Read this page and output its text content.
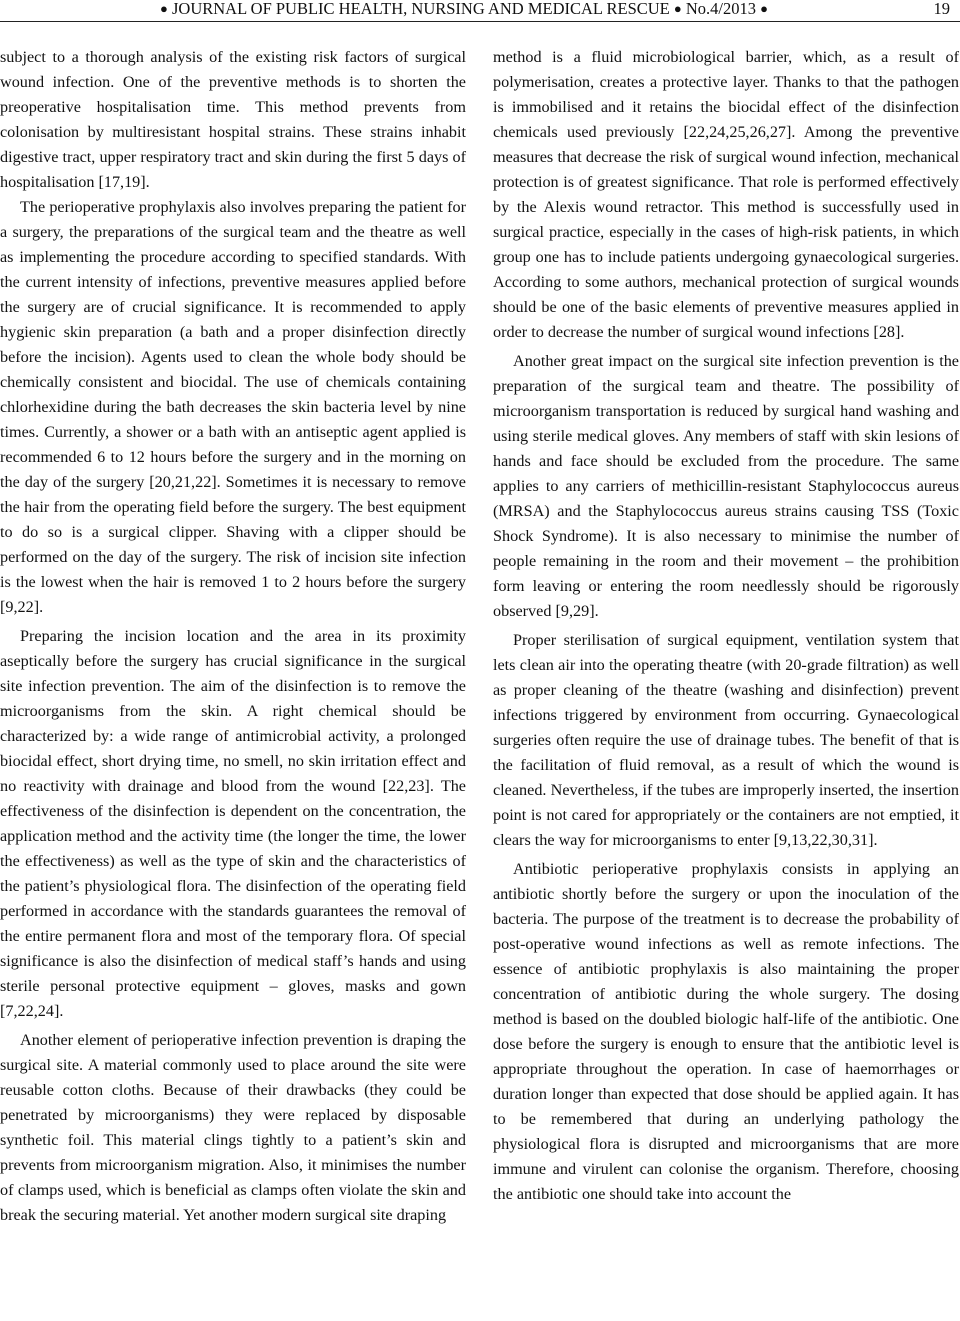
● JOURNAL OF PUBLIC HEALTH, NURSING AND MEDICAL RESCUE ● No.4/2013 ●	19

subject to a thorough analysis of the existing risk factors of surgical wound infection. One of the preventive methods is to shorten the preoperative hospitalisation time. This method prevents from colonisation by multiresistant hospital strains. These strains inhabit digestive tract, upper respiratory tract and skin during the first 5 days of hospitalisation [17,19].

The perioperative prophylaxis also involves preparing the patient for a surgery, the preparations of the surgical team and the theatre as well as implementing the procedure according to specified standards. With the current intensity of infections, preventive measures applied before the surgery are of crucial significance. It is recommended to apply hygienic skin preparation (a bath and a proper disinfection directly before the incision). Agents used to clean the whole body should be chemically consistent and biocidal. The use of chemicals containing chlorhexidine during the bath decreases the skin bacteria level by nine times. Currently, a shower or a bath with an antiseptic agent applied is recommended 6 to 12 hours before the surgery and in the morning on the day of the surgery [20,21,22]. Sometimes it is necessary to remove the hair from the operating field before the surgery. The best equipment to do so is a surgical clipper. Shaving with a clipper should be performed on the day of the surgery. The risk of incision site infection is the lowest when the hair is removed 1 to 2 hours before the surgery [9,22].

Preparing the incision location and the area in its proximity aseptically before the surgery has crucial significance in the surgical site infection prevention. The aim of the disinfection is to remove the microorganisms from the skin. A right chemical should be characterized by: a wide range of antimicrobial activity, a prolonged biocidal effect, short drying time, no smell, no skin irritation effect and no reactivity with drainage and blood from the wound [22,23]. The effectiveness of the disinfection is dependent on the concentration, the application method and the activity time (the longer the time, the lower the effectiveness) as well as the type of skin and the characteristics of the patient’s physiological flora. The disinfection of the operating field performed in accordance with the standards guarantees the removal of the entire permanent flora and most of the temporary flora. Of special significance is also the disinfection of medical staff’s hands and using sterile personal protective equipment – gloves, masks and gown [7,22,24].

Another element of perioperative infection prevention is draping the surgical site. A material commonly used to place around the site were reusable cotton cloths. Because of their drawbacks (they could be penetrated by microorganisms) they were replaced by disposable synthetic foil. This material clings tightly to a patient’s skin and prevents from microorganism migration. Also, it minimises the number of clamps used, which is beneficial as clamps often violate the skin and break the securing material. Yet another modern surgical site draping

method is a fluid microbiological barrier, which, as a result of polymerisation, creates a protective layer. Thanks to that the pathogen is immobilised and it retains the biocidal effect of the disinfection chemicals used previously [22,24,25,26,27]. Among the preventive measures that decrease the risk of surgical wound infection, mechanical protection is of greatest significance. That role is performed effectively by the Alexis wound retractor. This method is successfully used in surgical practice, especially in the cases of high-risk patients, in which group one has to include patients undergoing gynaecological surgeries. According to some authors, mechanical protection of surgical wounds should be one of the basic elements of preventive measures applied in order to decrease the number of surgical wound infections [28].

Another great impact on the surgical site infection prevention is the preparation of the surgical team and theatre. The possibility of microorganism transportation is reduced by surgical hand washing and using sterile medical gloves. Any members of staff with skin lesions of hands and face should be excluded from the procedure. The same applies to any carriers of methicillin-resistant Staphylococcus aureus (MRSA) and the Staphylococcus aureus strains causing TSS (Toxic Shock Syndrome). It is also necessary to minimise the number of people remaining in the room and their movement – the prohibition form leaving or entering the room needlessly should be rigorously observed [9,29].

Proper sterilisation of surgical equipment, ventilation system that lets clean air into the operating theatre (with 20-grade filtration) as well as proper cleaning of the theatre (washing and disinfection) prevent infections triggered by environment from occurring. Gynaecological surgeries often require the use of drainage tubes. The benefit of that is the facilitation of fluid removal, as a result of which the wound is cleaned. Nevertheless, if the tubes are improperly inserted, the insertion point is not cared for appropriately or the containers are not emptied, it clears the way for microorganisms to enter [9,13,22,30,31].

Antibiotic perioperative prophylaxis consists in applying an antibiotic shortly before the surgery or upon the inoculation of the bacteria. The purpose of the treatment is to decrease the probability of post-operative wound infections as well as remote infections. The essence of antibiotic prophylaxis is also maintaining the proper concentration of antibiotic during the whole surgery. The dosing method is based on the doubled biologic half-life of the antibiotic. One dose before the surgery is enough to ensure that the antibiotic level is appropriate throughout the operation. In case of haemorrhages or duration longer than expected that dose should be applied again. It has to be remembered that during an underlying pathology the physiological flora is disrupted and microorganisms that are more immune and virulent can colonise the organism. Therefore, choosing the antibiotic one should take into account the
